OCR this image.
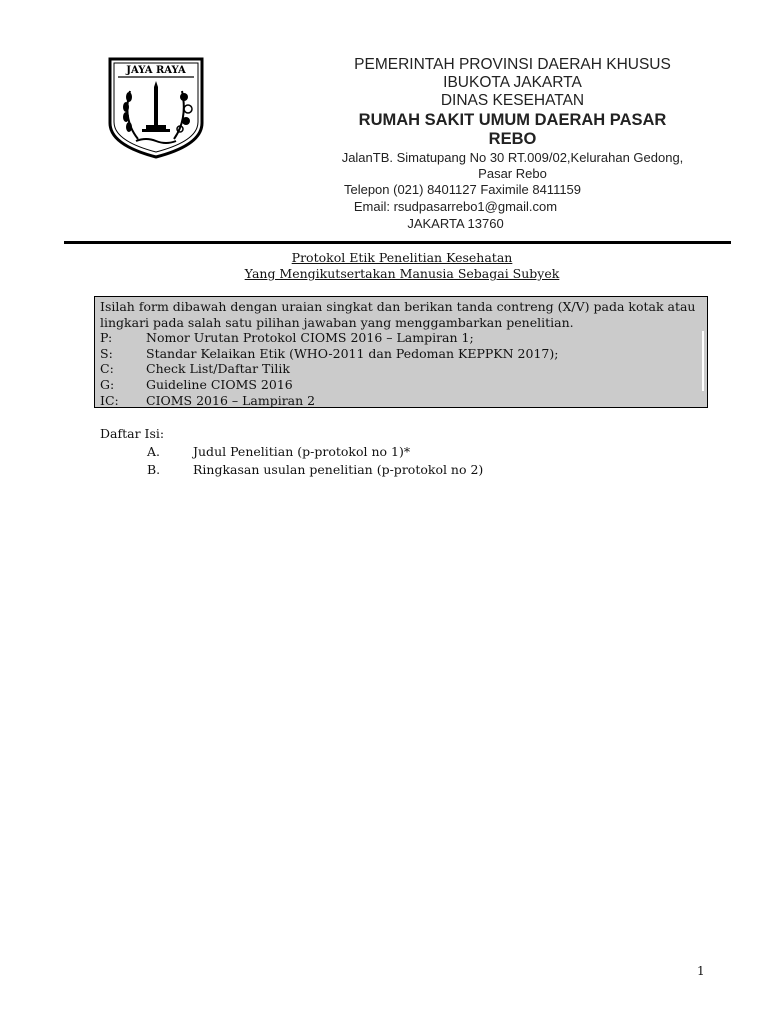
JAYA RAYA	PEMERINTAH PROVINSI DAERAH KHUSUS
IBUKOTA JAKARTA
DINAS KESEHATAN
RUMAH SAKIT UMUM DAERAH PASAR
REBO
JalanTB. Simatupang No 30 RT.009/02,Kelurahan Gedong,
Pasar Rebo
Telepon (021) 8401127 Faximile 8411159
Email: rsudpasarrebo1@gmail.com
JAKARTA 13760
Protokol Etik Penelitian Kesehatan
Yang Mengikutsertakan Manusia Sebagai Subyek
Isilah form dibawah dengan uraian singkat dan berikan tanda contreng (X/V) pada kotak atau lingkari pada salah satu pilihan jawaban yang menggambarkan penelitian.
P:	Nomor Urutan Protokol CIOMS 2016 – Lampiran 1;
S:	Standar Kelaikan Etik (WHO-2011 dan Pedoman KEPPKN 2017);
C:	Check List/Daftar Tilik
G:	Guideline CIOMS 2016
IC:	CIOMS 2016 – Lampiran 2
Daftar Isi:
A.	Judul Penelitian (p-protokol no 1)*
B.	Ringkasan usulan penelitian (p-protokol no 2)
1
